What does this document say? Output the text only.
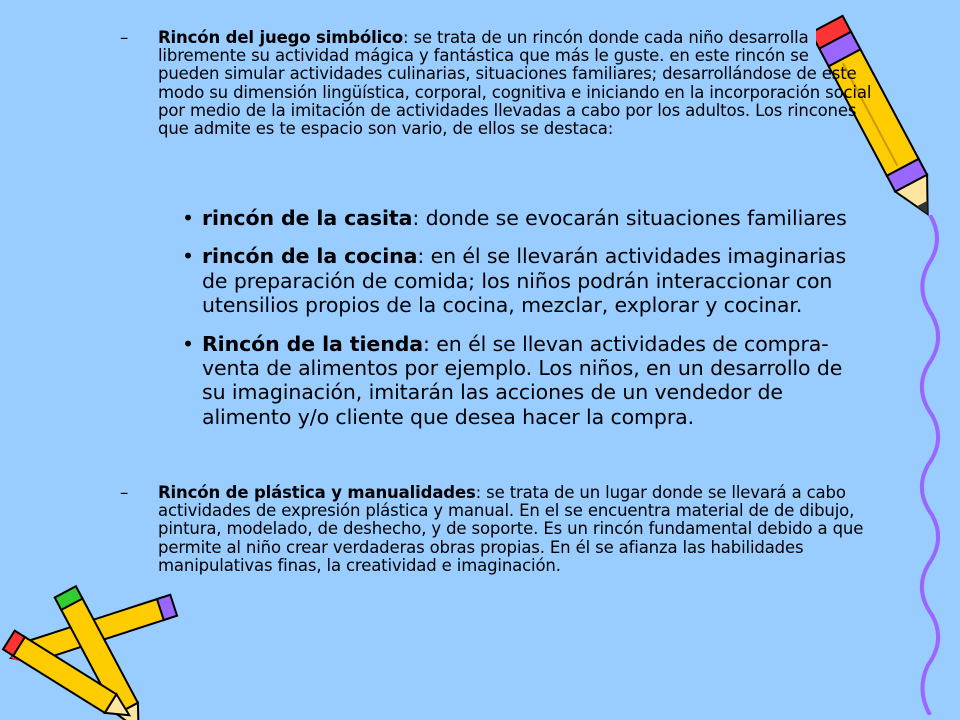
– Rincón del juego simbólico: se trata de un rincón donde cada niño desarrolla libremente su actividad mágica y fantástica que más le guste. en este rincón se pueden simular actividades culinarias, situaciones familiares; desarrollándose de este modo su dimensión lingüística, corporal, cognitiva e iniciando en la incorporación social por medio de la imitación de actividades llevadas a cabo por los adultos. Los rincones que admite es te espacio son vario, de ellos se destaca:
• rincón de la casita: donde se evocarán situaciones familiares
• rincón de la cocina: en él se llevarán actividades imaginarias de preparación de comida; los niños podrán interaccionar con utensilios propios de la cocina, mezclar, explorar y cocinar.
• Rincón de la tienda: en él se llevan actividades de compra-venta de alimentos por ejemplo. Los niños, en un desarrollo de su imaginación, imitarán las acciones de un vendedor de alimento y/o cliente que desea hacer la compra.
– Rincón de plástica y manualidades: se trata de un lugar donde se llevará a cabo actividades de expresión plástica y manual. En el se encuentra material de de dibujo, pintura, modelado, de deshecho, y de soporte. Es un rincón fundamental debido a que permite al niño crear verdaderas obras propias. En él se afianza las habilidades manipulativas finas, la creatividad e imaginación.
